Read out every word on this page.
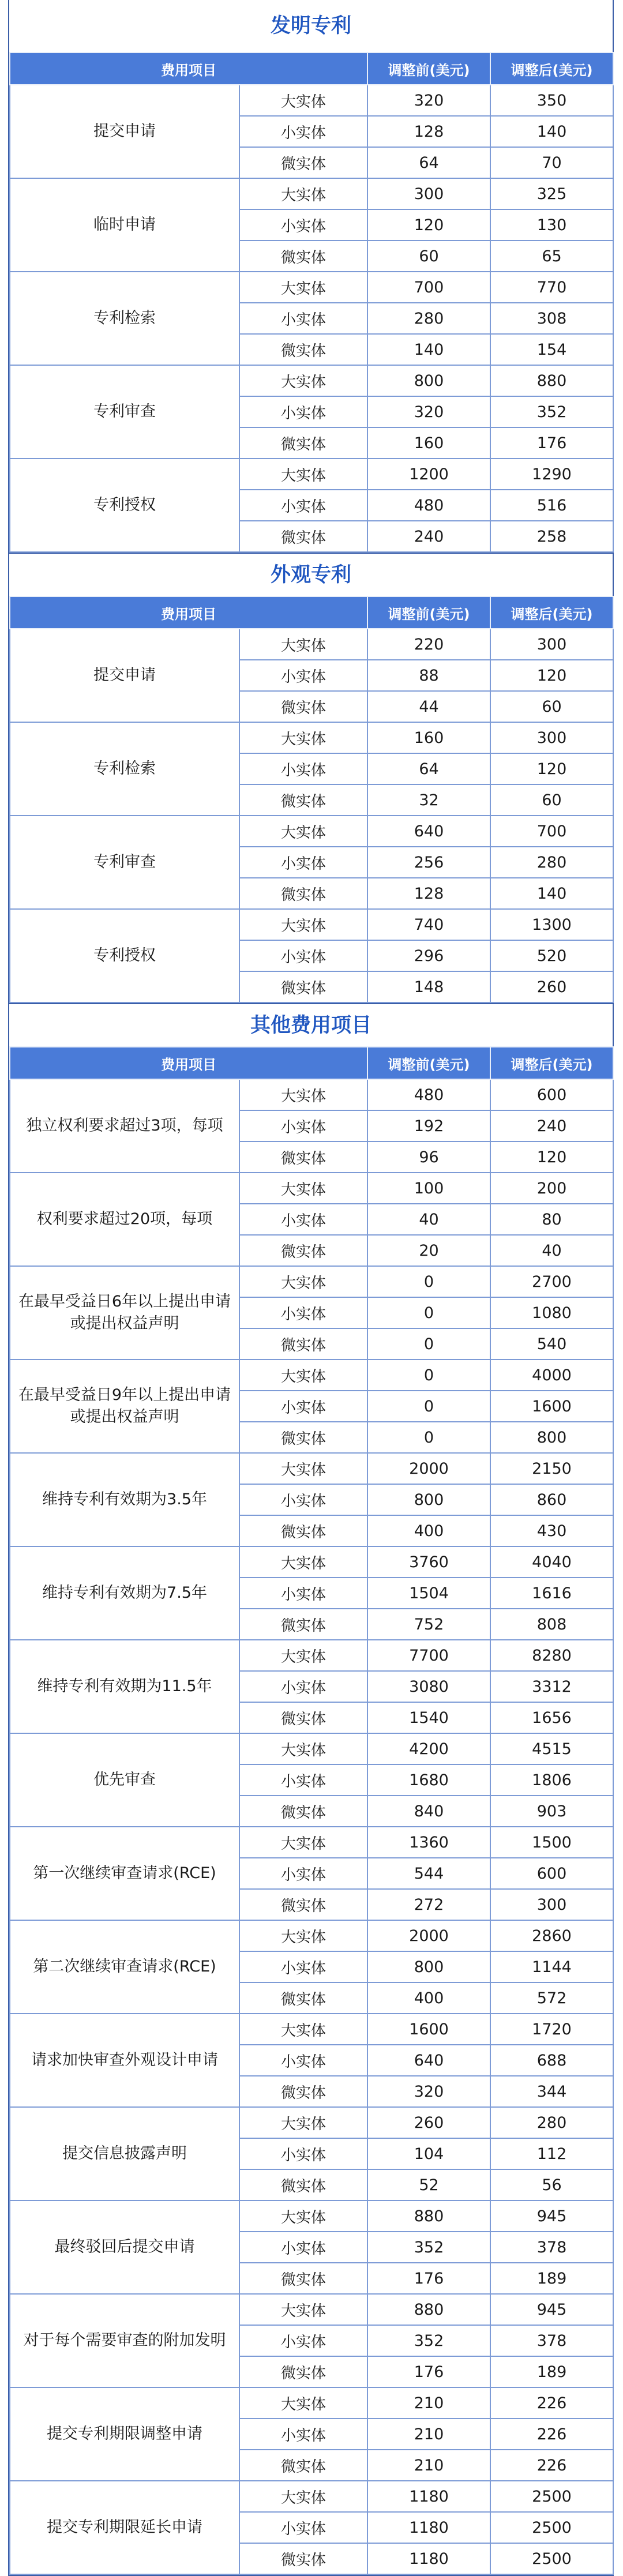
发明专利
费用项目		调整前(美元)	调整后(美元)
提交申请	大实体	320	350
	小实体	128	140
	微实体	64	70
临时申请	大实体	300	325
	小实体	120	130
	微实体	60	65
专利检索	大实体	700	770
	小实体	280	308
	微实体	140	154
专利审查	大实体	800	880
	小实体	320	352
	微实体	160	176
专利授权	大实体	1200	1290
	小实体	480	516
	微实体	240	258
外观专利
费用项目		调整前(美元)	调整后(美元)
提交申请	大实体	220	300
	小实体	88	120
	微实体	44	60
专利检索	大实体	160	300
	小实体	64	120
	微实体	32	60
专利审查	大实体	640	700
	小实体	256	280
	微实体	128	140
专利授权	大实体	740	1300
	小实体	296	520
	微实体	148	260
其他费用项目
费用项目		调整前(美元)	调整后(美元)
独立权利要求超过3项，每项	大实体	480	600
	小实体	192	240
	微实体	96	120
权利要求超过20项，每项	大实体	100	200
	小实体	40	80
	微实体	20	40
在最早受益日6年以上提出申请或提出权益声明	大实体	0	2700
	小实体	0	1080
	微实体	0	540
在最早受益日9年以上提出申请或提出权益声明	大实体	0	4000
	小实体	0	1600
	微实体	0	800
维持专利有效期为3.5年	大实体	2000	2150
	小实体	800	860
	微实体	400	430
维持专利有效期为7.5年	大实体	3760	4040
	小实体	1504	1616
	微实体	752	808
维持专利有效期为11.5年	大实体	7700	8280
	小实体	3080	3312
	微实体	1540	1656
优先审查	大实体	4200	4515
	小实体	1680	1806
	微实体	840	903
第一次继续审查请求(RCE)	大实体	1360	1500
	小实体	544	600
	微实体	272	300
第二次继续审查请求(RCE)	大实体	2000	2860
	小实体	800	1144
	微实体	400	572
请求加快审查外观设计申请	大实体	1600	1720
	小实体	640	688
	微实体	320	344
提交信息披露声明	大实体	260	280
	小实体	104	112
	微实体	52	56
最终驳回后提交申请	大实体	880	945
	小实体	352	378
	微实体	176	189
对于每个需要审查的附加发明	大实体	880	945
	小实体	352	378
	微实体	176	189
提交专利期限调整申请	大实体	210	226
	小实体	210	226
	微实体	210	226
提交专利期限延长申请	大实体	1180	2500
	小实体	1180	2500
	微实体	1180	2500
